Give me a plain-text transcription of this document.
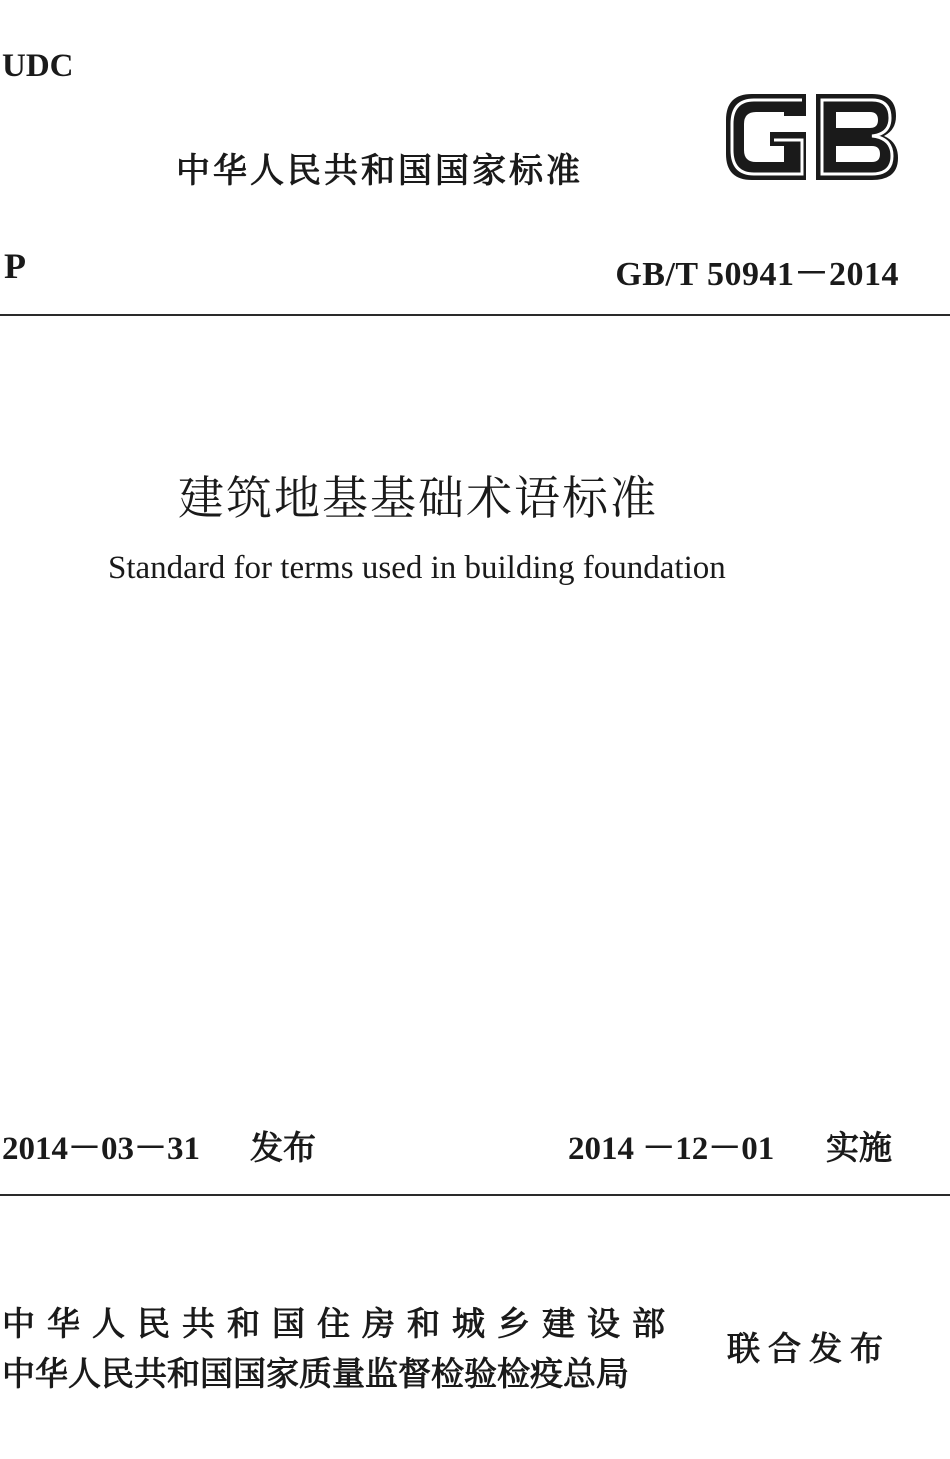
UDC
中华人民共和国国家标准
P	GB/T 50941－2014
建筑地基基础术语标准
Standard for terms used in building foundation
2014－03－31 发布	2014 －12－01 实施
中华人民共和国住房和城乡建设部
中华人民共和国国家质量监督检验检疫总局
联合发布
